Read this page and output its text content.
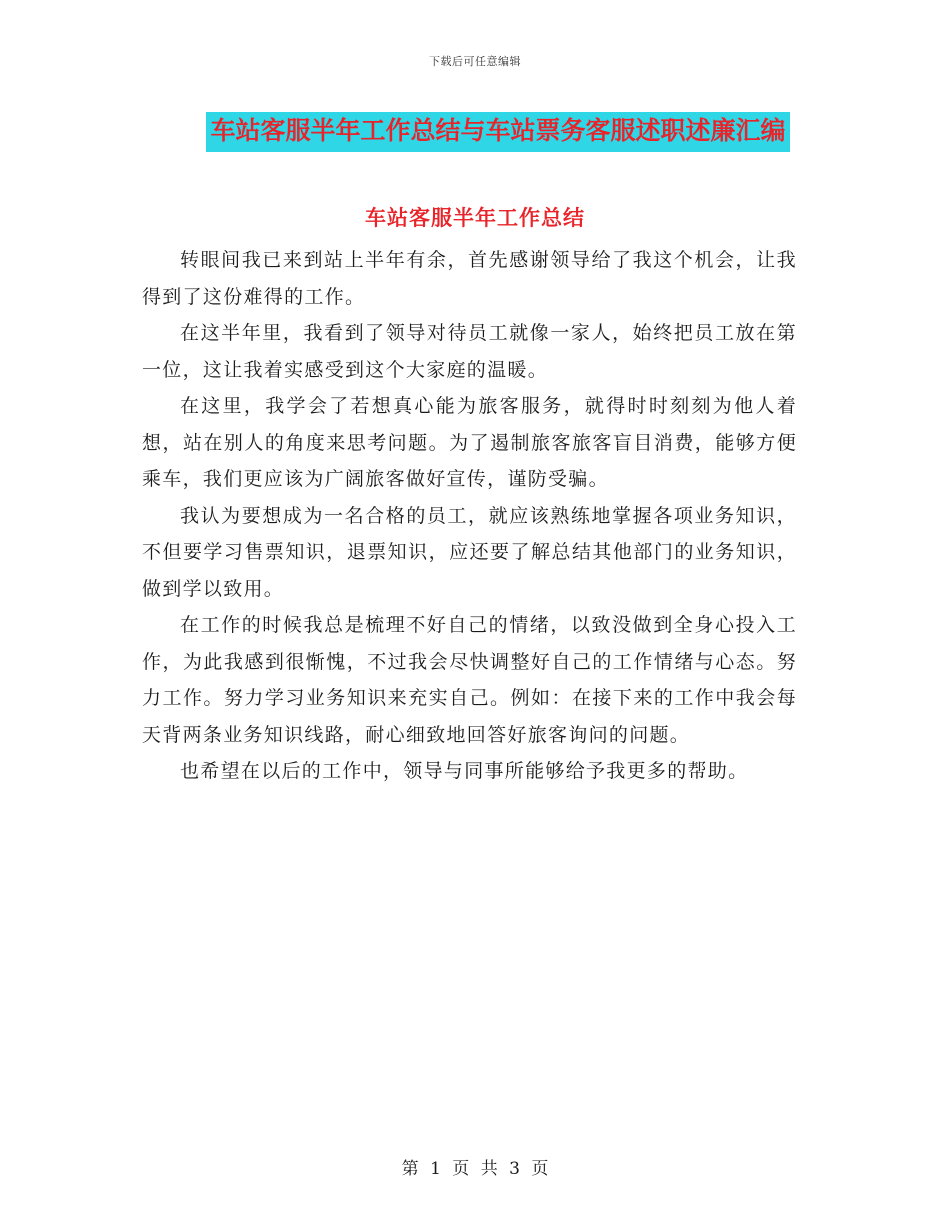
下载后可任意编辑
车站客服半年工作总结与车站票务客服述职述廉汇编
车站客服半年工作总结

转眼间我已来到站上半年有余，首先感谢领导给了我这个机会，让我得到了这份难得的工作。

在这半年里，我看到了领导对待员工就像一家人，始终把员工放在第一位，这让我着实感受到这个大家庭的温暖。

在这里，我学会了若想真心能为旅客服务，就得时时刻刻为他人着想，站在别人的角度来思考问题。为了遏制旅客旅客盲目消费，能够方便乘车，我们更应该为广阔旅客做好宣传，谨防受骗。

我认为要想成为一名合格的员工，就应该熟练地掌握各项业务知识，不但要学习售票知识，退票知识，应还要了解总结其他部门的业务知识，做到学以致用。

在工作的时候我总是梳理不好自己的情绪，以致没做到全身心投入工作，为此我感到很惭愧，不过我会尽快调整好自己的工作情绪与心态。努力工作。努力学习业务知识来充实自己。例如：在接下来的工作中我会每天背两条业务知识线路，耐心细致地回答好旅客询问的问题。

也希望在以后的工作中，领导与同事所能够给予我更多的帮助。

第 1 页 共 3 页
